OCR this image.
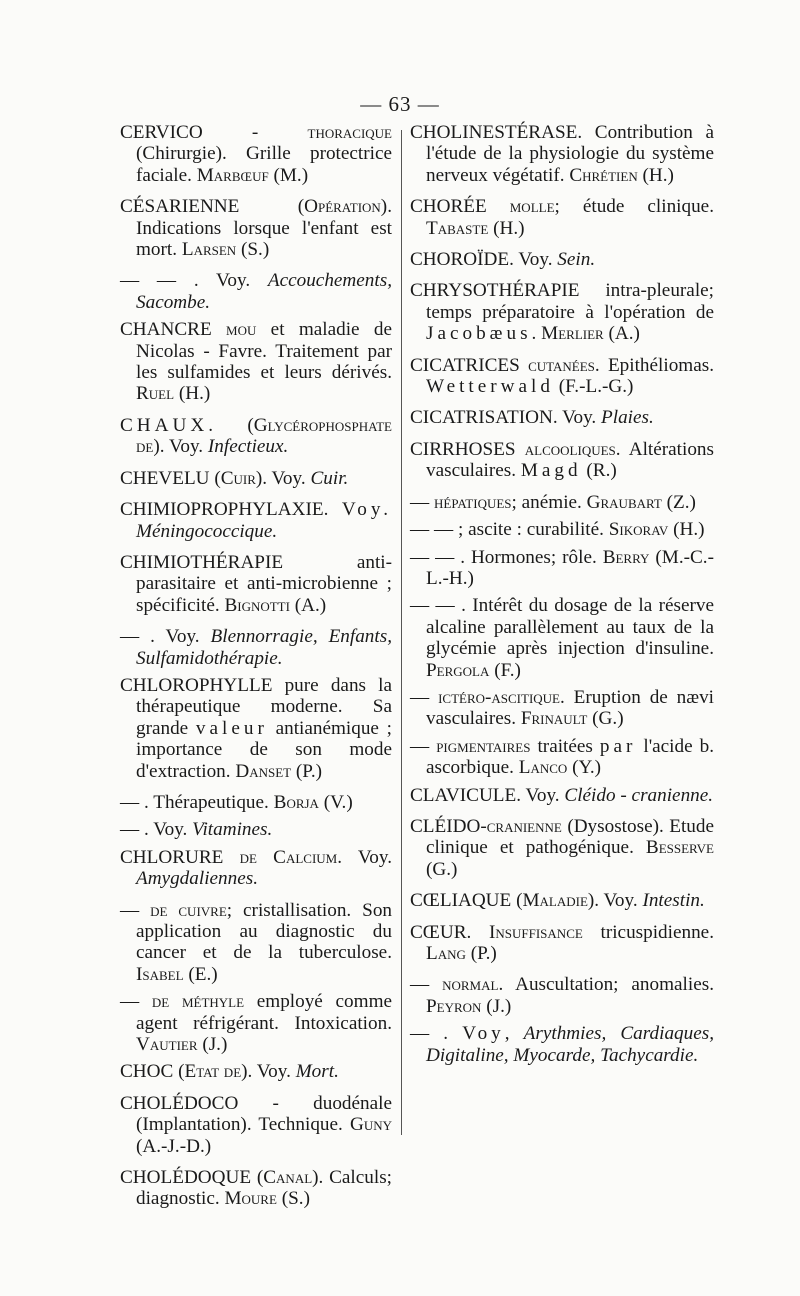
— 63 —
CERVICO - thoracique (Chirurgie). Grille protectrice faciale. Marbœuf (M.)
CÉSARIENNE (Opération). Indications lorsque l'enfant est mort. Larsen (S.)
— — . Voy. Accouchements, Sacombe.
CHANCRE mou et maladie de Nicolas - Favre. Traitement par les sulfamides et leurs dérivés. Ruel (H.)
CHAUX. (Glycérophosphate de). Voy. Infectieux.
CHEVELU (Cuir). Voy. Cuir.
CHIMIOPROPHYLAXIE. Voy. Méningococcique.
CHIMIOTHÉRAPIE anti-parasitaire et anti-microbienne ; spécificité. Bignotti (A.)
— . Voy. Blennorragie, Enfants, Sulfamidothérapie.
CHLOROPHYLLE pure dans la thérapeutique moderne. Sa grande valeur antianémique ; importance de son mode d'extraction. Danset (P.)
— . Thérapeutique. Borja (V.)
— . Voy. Vitamines.
CHLORURE de Calcium. Voy. Amygdaliennes.
— de cuivre; cristallisation. Son application au diagnostic du cancer et de la tuberculose. Isabel (E.)
— de méthyle employé comme agent réfrigérant. Intoxication. Vautier (J.)
CHOC (Etat de). Voy. Mort.
CHOLÉDOCO - duodénale (Implantation). Technique. Guny (A.-J.-D.)
CHOLÉDOQUE (Canal). Calculs; diagnostic. Moure (S.)
CHOLINESTÉRASE. Contribution à l'étude de la physiologie du système nerveux végétatif. Chrétien (H.)
CHORÉE molle; étude clinique. Tabaste (H.)
CHOROÏDE. Voy. Sein.
CHRYSOTHÉRAPIE intra-pleurale; temps préparatoire à l'opération de Jacobæus. Merlier (A.)
CICATRICES cutanées. Epithéliomas. Wetterwald (F.-L.-G.)
CICATRISATION. Voy. Plaies.
CIRRHOSES alcooliques. Altérations vasculaires. Magd (R.)
— hépatiques; anémie. Graubart (Z.)
— — ; ascite : curabilité. Sikorav (H.)
— — . Hormones; rôle. Berry (M.-C.-L.-H.)
— — . Intérêt du dosage de la réserve alcaline parallèlement au taux de la glycémie après injection d'insuline. Pergola (F.)
— ictéro-ascitique. Eruption de nævi vasculaires. Frinault (G.)
— pigmentaires traitées par l'acide b. ascorbique. Lanco (Y.)
CLAVICULE. Voy. Cléido - cranienne.
CLÉIDO-cranienne (Dysostose). Etude clinique et pathogénique. Besserve (G.)
CŒLIAQUE (Maladie). Voy. Intestin.
CŒUR. Insuffisance tricuspidienne. Lang (P.)
— normal. Auscultation; anomalies. Peyron (J.)
— . Voy, Arythmies, Cardiaques, Digitaline, Myocarde, Tachycardie.
